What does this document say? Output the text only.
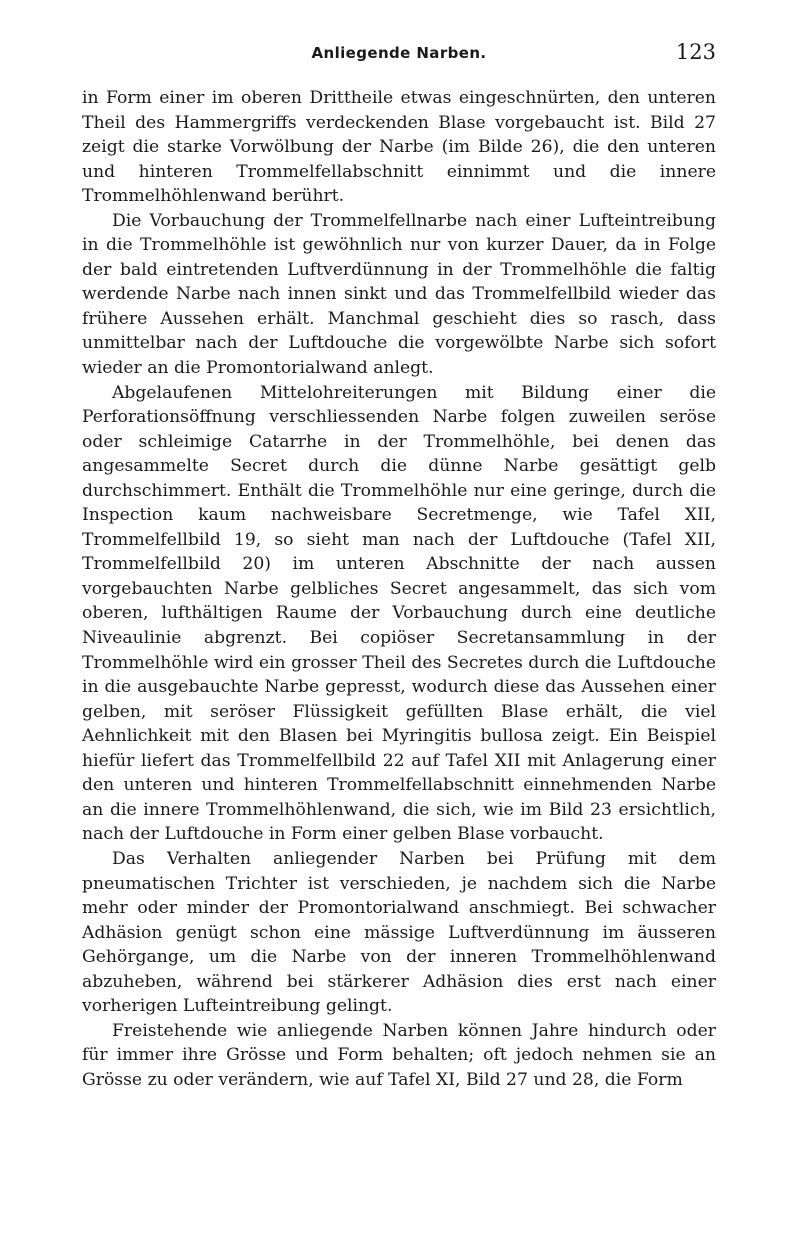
Anliegende Narben.	123

in Form einer im oberen Drittheile etwas eingeschnürten, den unteren Theil des Hammergriffs verdeckenden Blase vorgebaucht ist. Bild 27 zeigt die starke Vorwölbung der Narbe (im Bilde 26), die den unteren und hinteren Trommelfellabschnitt einnimmt und die innere Trommelhöhlenwand berührt.

Die Vorbauchung der Trommelfellnarbe nach einer Lufteintreibung in die Trommelhöhle ist gewöhnlich nur von kurzer Dauer, da in Folge der bald eintretenden Luftverdünnung in der Trommelhöhle die faltig werdende Narbe nach innen sinkt und das Trommelfellbild wieder das frühere Aussehen erhält. Manchmal geschieht dies so rasch, dass unmittelbar nach der Luftdouche die vorgewölbte Narbe sich sofort wieder an die Promontorialwand anlegt.

Abgelaufenen Mittelohreiterungen mit Bildung einer die Perforationsöffnung verschliessenden Narbe folgen zuweilen seröse oder schleimige Catarrhe in der Trommelhöhle, bei denen das angesammelte Secret durch die dünne Narbe gesättigt gelb durchschimmert. Enthält die Trommelhöhle nur eine geringe, durch die Inspection kaum nachweisbare Secretmenge, wie Tafel XII, Trommelfellbild 19, so sieht man nach der Luftdouche (Tafel XII, Trommelfellbild 20) im unteren Abschnitte der nach aussen vorgebauchten Narbe gelbliches Secret angesammelt, das sich vom oberen, lufthältigen Raume der Vorbauchung durch eine deutliche Niveaulinie abgrenzt. Bei copiöser Secretansammlung in der Trommelhöhle wird ein grosser Theil des Secretes durch die Luftdouche in die ausgebauchte Narbe gepresst, wodurch diese das Aussehen einer gelben, mit seröser Flüssigkeit gefüllten Blase erhält, die viel Aehnlichkeit mit den Blasen bei Myringitis bullosa zeigt. Ein Beispiel hiefür liefert das Trommelfellbild 22 auf Tafel XII mit Anlagerung einer den unteren und hinteren Trommelfellabschnitt einnehmenden Narbe an die innere Trommelhöhlenwand, die sich, wie im Bild 23 ersichtlich, nach der Luftdouche in Form einer gelben Blase vorbaucht.

Das Verhalten anliegender Narben bei Prüfung mit dem pneumatischen Trichter ist verschieden, je nachdem sich die Narbe mehr oder minder der Promontorialwand anschmiegt. Bei schwacher Adhäsion genügt schon eine mässige Luftverdünnung im äusseren Gehörgange, um die Narbe von der inneren Trommelhöhlenwand abzuheben, während bei stärkerer Adhäsion dies erst nach einer vorherigen Lufteintreibung gelingt.

Freistehende wie anliegende Narben können Jahre hindurch oder für immer ihre Grösse und Form behalten; oft jedoch nehmen sie an Grösse zu oder verändern, wie auf Tafel XI, Bild 27 und 28, die Form
